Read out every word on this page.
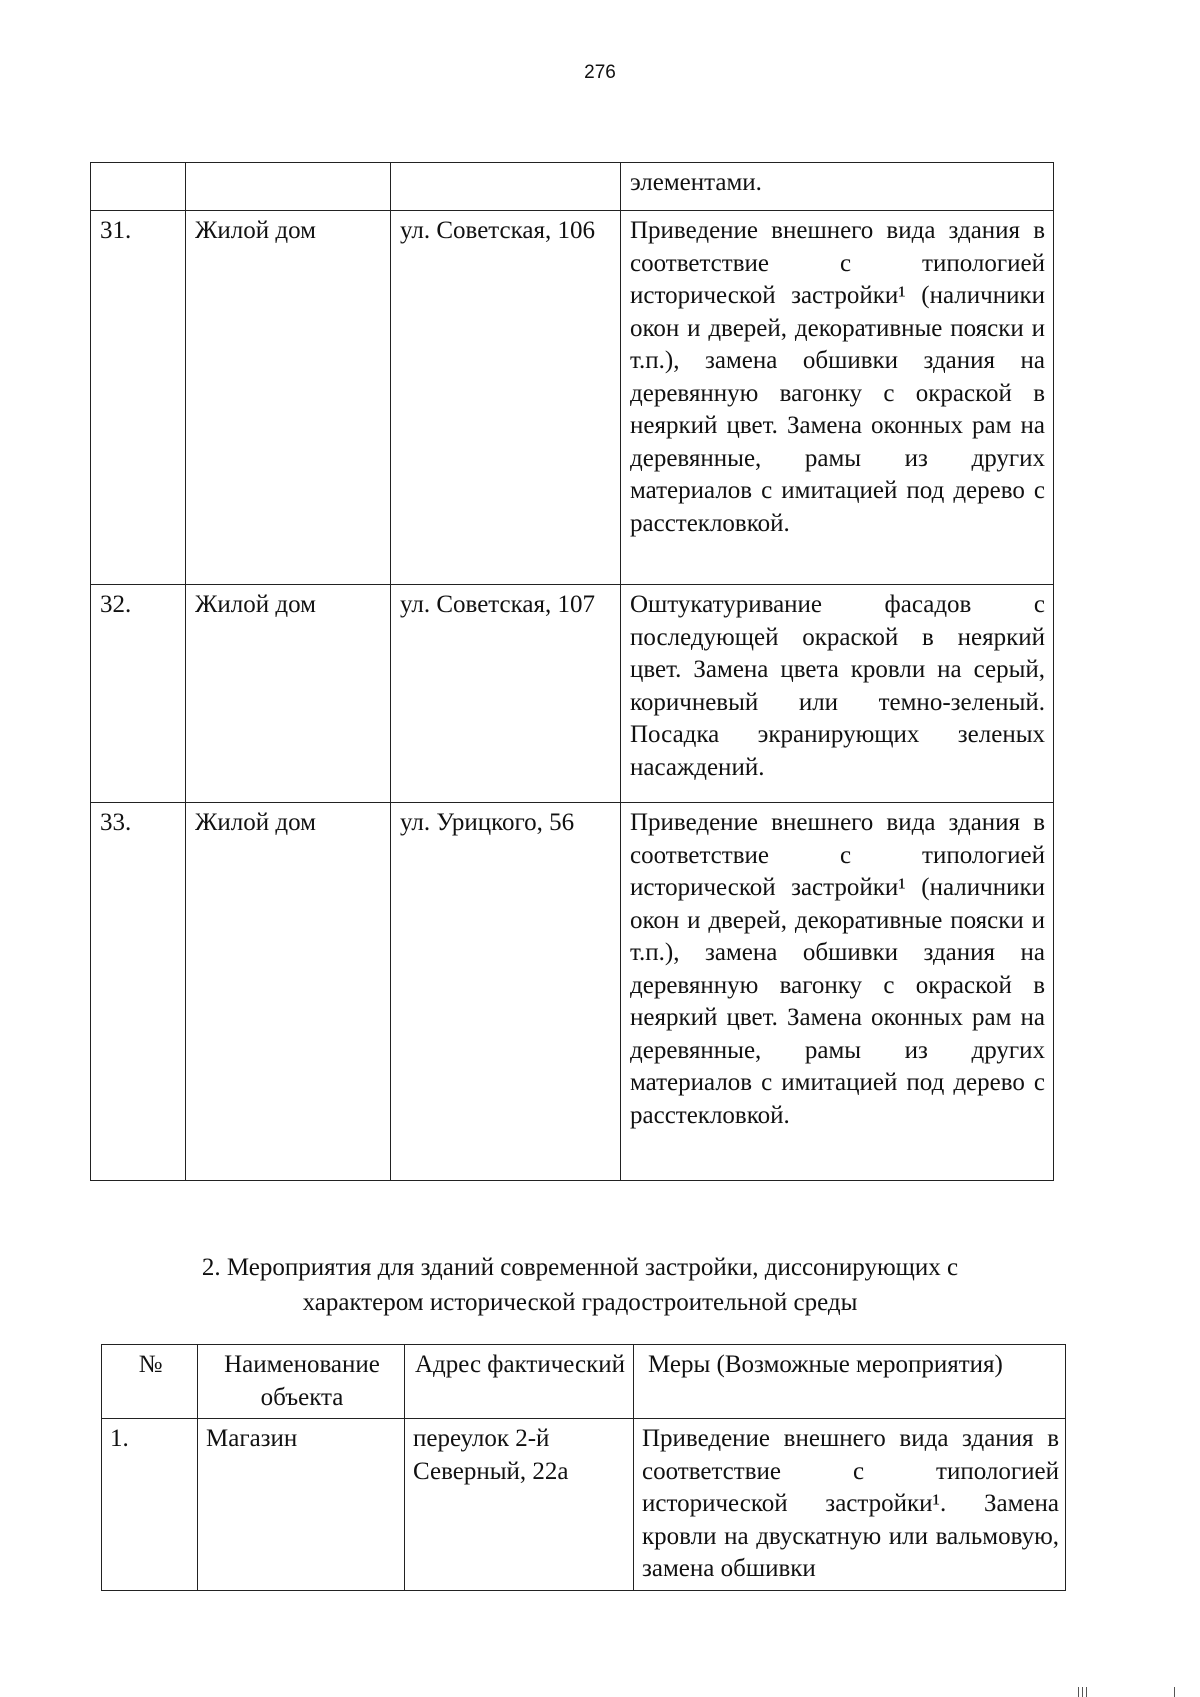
276
			элементами.
31.	Жилой дом	ул. Советская, 106	Приведение внешнего вида здания в соответствие с типологией исторической застройки¹ (наличники окон и дверей, декоративные пояски и т.п.), замена обшивки здания на деревянную вагонку с окраской в неяркий цвет. Замена оконных рам на деревянные, рамы из других материалов с имитацией под дерево с расстекловкой.
32.	Жилой дом	ул. Советская, 107	Оштукатуривание фасадов с последующей окраской в неяркий цвет. Замена цвета кровли на серый, коричневый или темно-зеленый. Посадка экранирующих зеленых насаждений.
33.	Жилой дом	ул. Урицкого, 56	Приведение внешнего вида здания в соответствие с типологией исторической застройки¹ (наличники окон и дверей, декоративные пояски и т.п.), замена обшивки здания на деревянную вагонку с окраской в неяркий цвет. Замена оконных рам на деревянные, рамы из других материалов с имитацией под дерево с расстекловкой.
2. Мероприятия для зданий современной застройки, диссонирующих с
характером исторической градостроительной среды
№	Наименование объекта	Адрес фактический	Меры (Возможные мероприятия)
1.	Магазин	переулок 2-й Северный, 22а	Приведение внешнего вида здания в соответствие с типологией исторической застройки¹. Замена кровли на двускатную или вальмовую, замена обшивки
